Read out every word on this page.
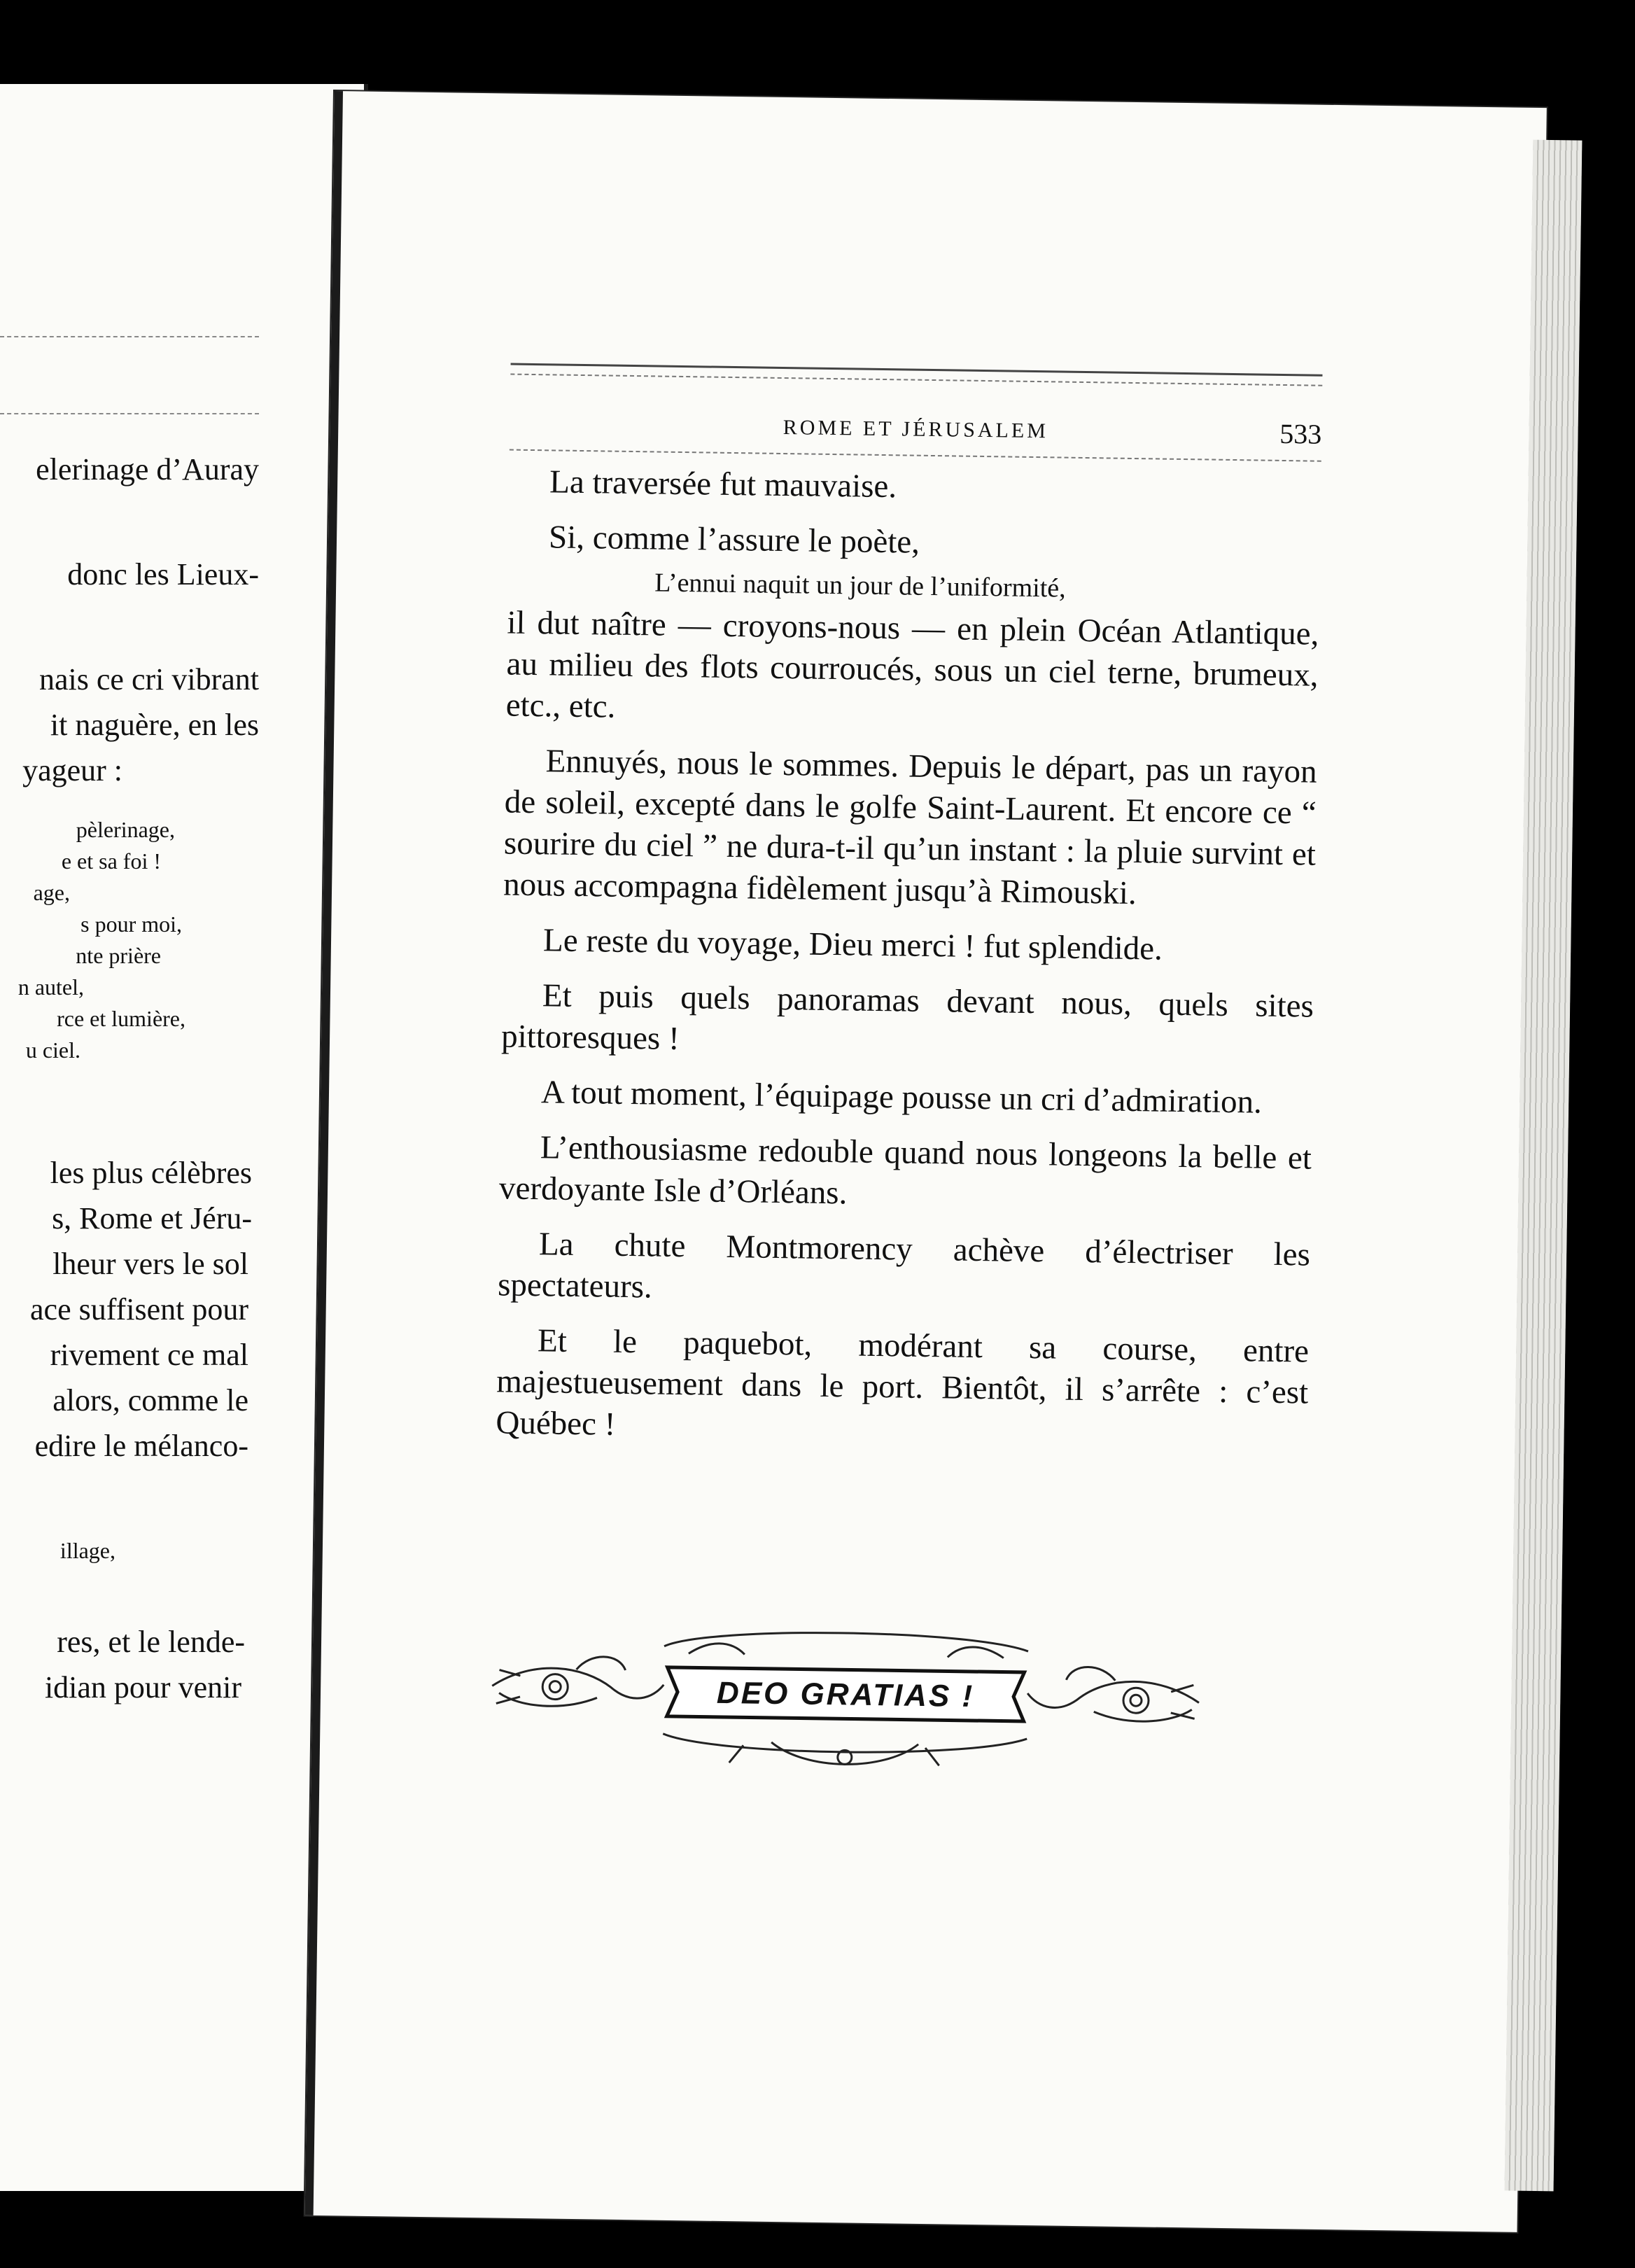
elerinage d’Auray
donc les Lieux-
nais ce cri vibrant
it naguère, en les
yageur :
pèlerinage,
e et sa foi !
age,
s pour moi,
nte prière
n autel,
rce et lumière,
u ciel.
les plus célèbres
s, Rome et Jéru-
lheur vers le sol
ace suffisent pour
rivement ce mal
alors, comme le
edire le mélanco-
illage,
res, et le lende-
idian pour venir
ROME ET JÉRUSALEM	533

La traversée fut mauvaise.

Si, comme l’assure le poète,

L’ennui naquit un jour de l’uniformité,

il dut naître — croyons-nous — en plein Océan Atlantique, au milieu des flots courroucés, sous un ciel terne, brumeux, etc., etc.

Ennuyés, nous le sommes. Depuis le départ, pas un rayon de soleil, excepté dans le golfe Saint-Laurent. Et encore ce “ sourire du ciel ” ne dura-t-il qu’un instant : la pluie survint et nous accompagna fidèlement jusqu’à Rimouski.

Le reste du voyage, Dieu merci ! fut splendide.

Et puis quels panoramas devant nous, quels sites pittoresques !

A tout moment, l’équipage pousse un cri d’admiration.

L’enthousiasme redouble quand nous longeons la belle et verdoyante Isle d’Orléans.

La chute Montmorency achève d’électriser les spectateurs.

Et le paquebot, modérant sa course, entre majestueusement dans le port. Bientôt, il s’arrête : c’est Québec !

DEO GRATIAS !
